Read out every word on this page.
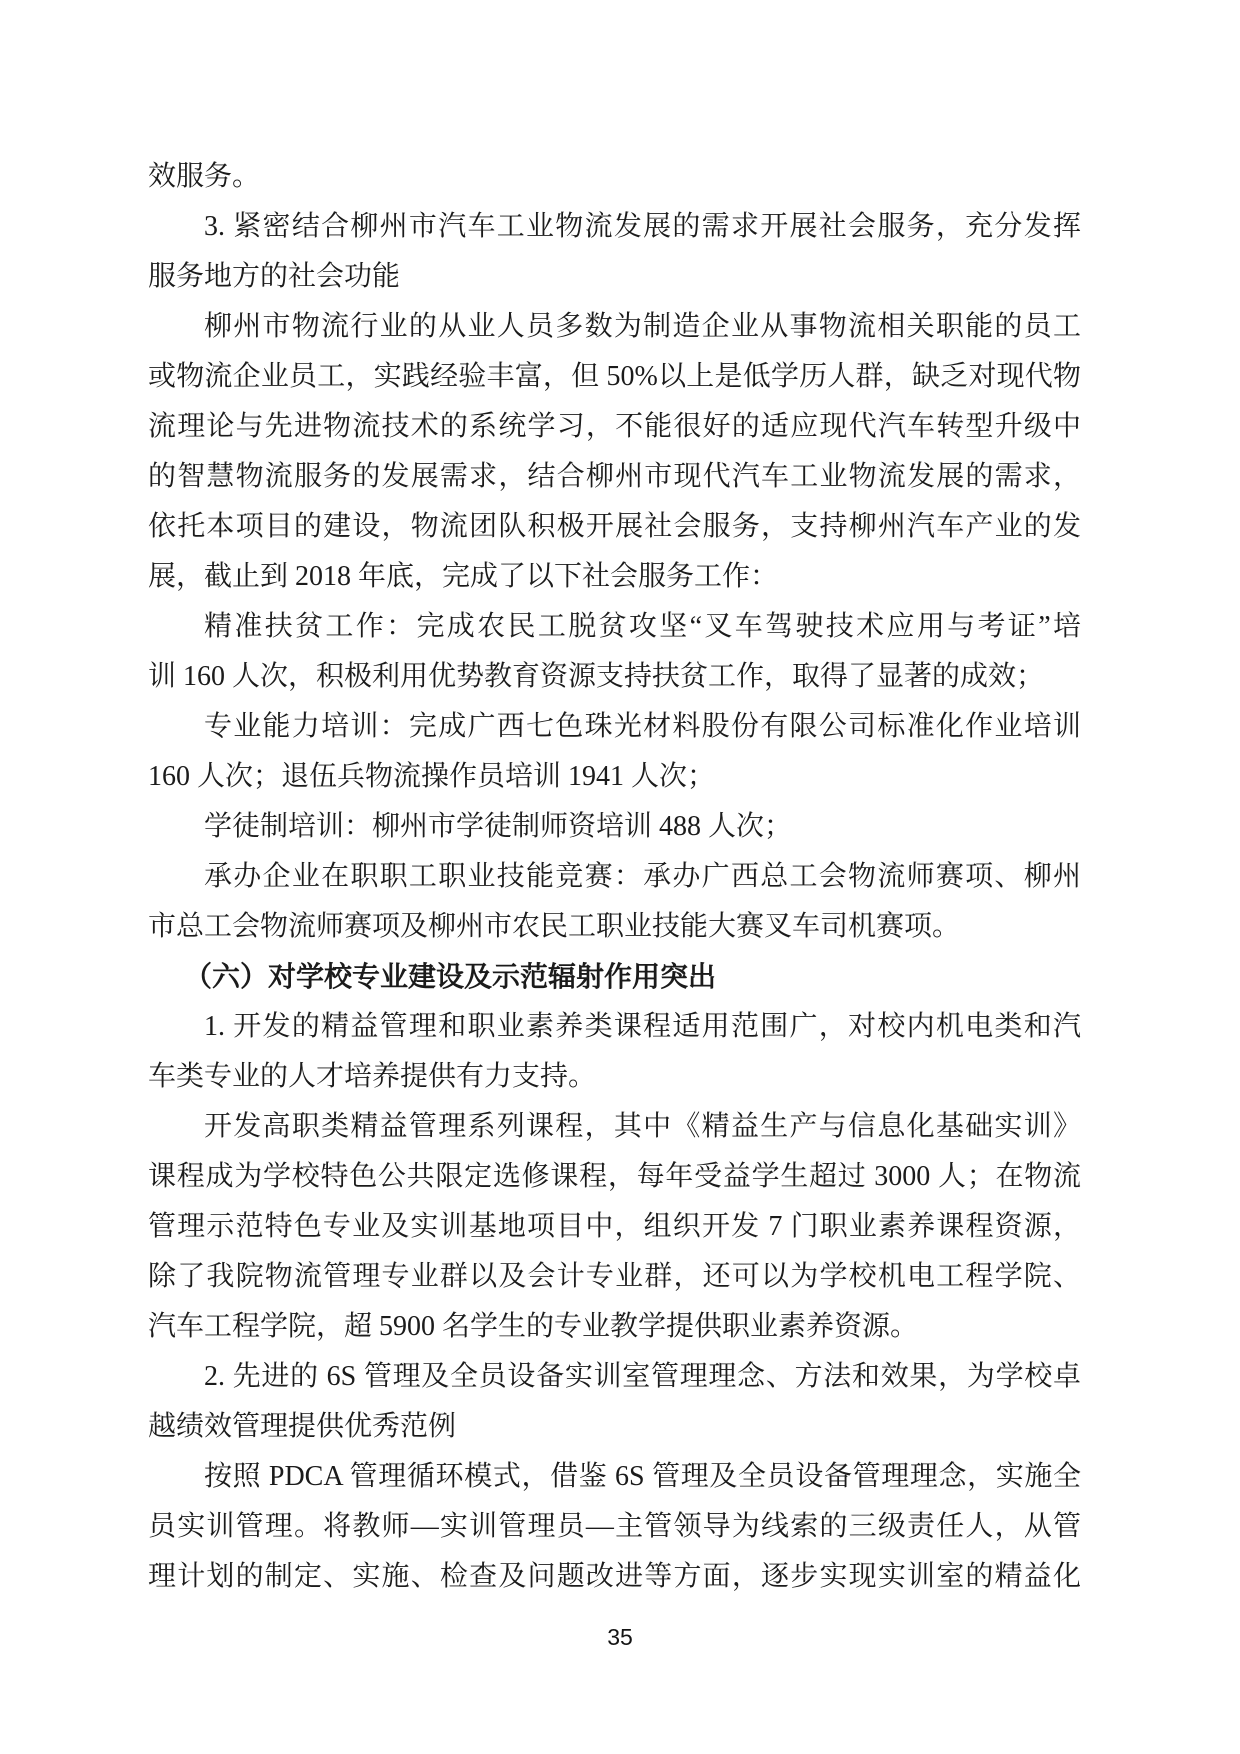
效服务。
3. 紧密结合柳州市汽车工业物流发展的需求开展社会服务，充分发挥
服务地方的社会功能
柳州市物流行业的从业人员多数为制造企业从事物流相关职能的员工
或物流企业员工，实践经验丰富，但 50%以上是低学历人群，缺乏对现代物
流理论与先进物流技术的系统学习，不能很好的适应现代汽车转型升级中
的智慧物流服务的发展需求，结合柳州市现代汽车工业物流发展的需求，
依托本项目的建设，物流团队积极开展社会服务，支持柳州汽车产业的发
展，截止到 2018 年底，完成了以下社会服务工作：
精准扶贫工作：完成农民工脱贫攻坚“叉车驾驶技术应用与考证”培
训 160 人次，积极利用优势教育资源支持扶贫工作，取得了显著的成效；
专业能力培训：完成广西七色珠光材料股份有限公司标准化作业培训
160 人次；退伍兵物流操作员培训 1941 人次；
学徒制培训：柳州市学徒制师资培训 488 人次；
承办企业在职职工职业技能竞赛：承办广西总工会物流师赛项、柳州
市总工会物流师赛项及柳州市农民工职业技能大赛叉车司机赛项。
（六）对学校专业建设及示范辐射作用突出
1. 开发的精益管理和职业素养类课程适用范围广，对校内机电类和汽
车类专业的人才培养提供有力支持。
开发高职类精益管理系列课程，其中《精益生产与信息化基础实训》
课程成为学校特色公共限定选修课程，每年受益学生超过 3000 人；在物流
管理示范特色专业及实训基地项目中，组织开发 7 门职业素养课程资源，
除了我院物流管理专业群以及会计专业群，还可以为学校机电工程学院、
汽车工程学院，超 5900 名学生的专业教学提供职业素养资源。
2. 先进的 6S 管理及全员设备实训室管理理念、方法和效果，为学校卓
越绩效管理提供优秀范例
按照 PDCA 管理循环模式，借鉴 6S 管理及全员设备管理理念，实施全
员实训管理。将教师—实训管理员—主管领导为线索的三级责任人，从管
理计划的制定、实施、检查及问题改进等方面，逐步实现实训室的精益化
35
